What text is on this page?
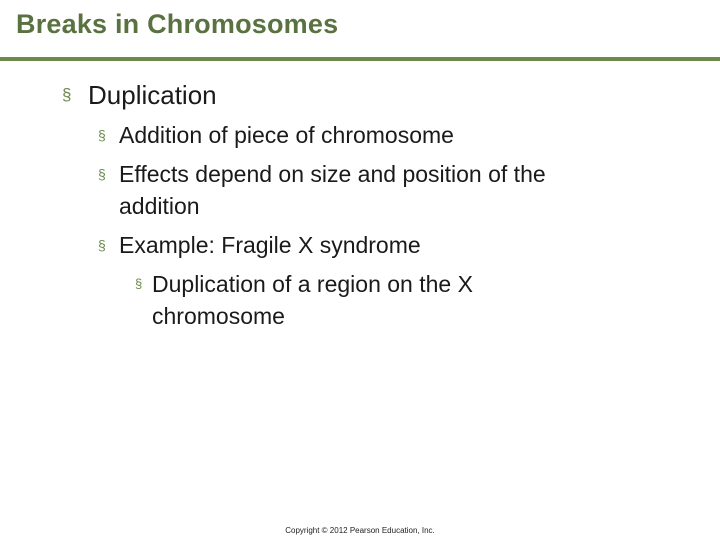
Breaks in Chromosomes
§ Duplication
§ Addition of piece of chromosome
§ Effects depend on size and position of the addition
§ Example: Fragile X syndrome
§ Duplication of a region on the X chromosome
Copyright © 2012 Pearson Education, Inc.
